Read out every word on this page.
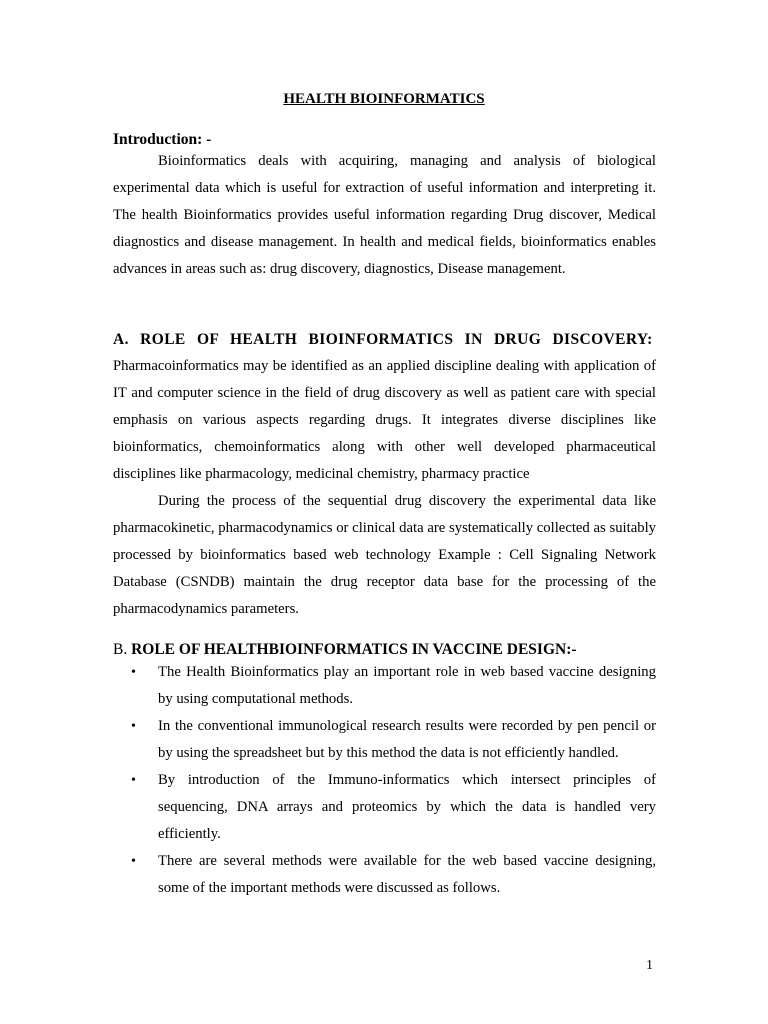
HEALTH BIOINFORMATICS

Introduction: -

Bioinformatics deals with acquiring, managing and analysis of biological experimental data which is useful for extraction of useful information and interpreting it. The health Bioinformatics provides useful information regarding Drug discover, Medical diagnostics and disease management. In health and medical fields, bioinformatics enables advances in areas such as: drug discovery, diagnostics, Disease management.

A. ROLE OF HEALTH BIOINFORMATICS IN DRUG DISCOVERY:

Pharmacoinformatics may be identified as an applied discipline dealing with application of IT and computer science in the field of drug discovery as well as patient care with special emphasis on various aspects regarding drugs. It integrates diverse disciplines like bioinformatics, chemoinformatics along with other well developed pharmaceutical disciplines like pharmacology, medicinal chemistry, pharmacy practice

During the process of the sequential drug discovery the experimental data like pharmacokinetic, pharmacodynamics or clinical data are systematically collected as suitably processed by bioinformatics based web technology Example : Cell Signaling Network Database (CSNDB) maintain the drug receptor data base for the processing of the pharmacodynamics parameters.

B. ROLE OF HEALTHBIOINFORMATICS IN VACCINE DESIGN:-

• The Health Bioinformatics play an important role in web based vaccine designing by using computational methods.
• In the conventional immunological research results were recorded by pen pencil or by using the spreadsheet but by this method the data is not efficiently handled.
• By introduction of the Immuno-informatics which intersect principles of sequencing, DNA arrays and proteomics by which the data is handled very efficiently.
• There are several methods were available for the web based vaccine designing, some of the important methods were discussed as follows.
1
